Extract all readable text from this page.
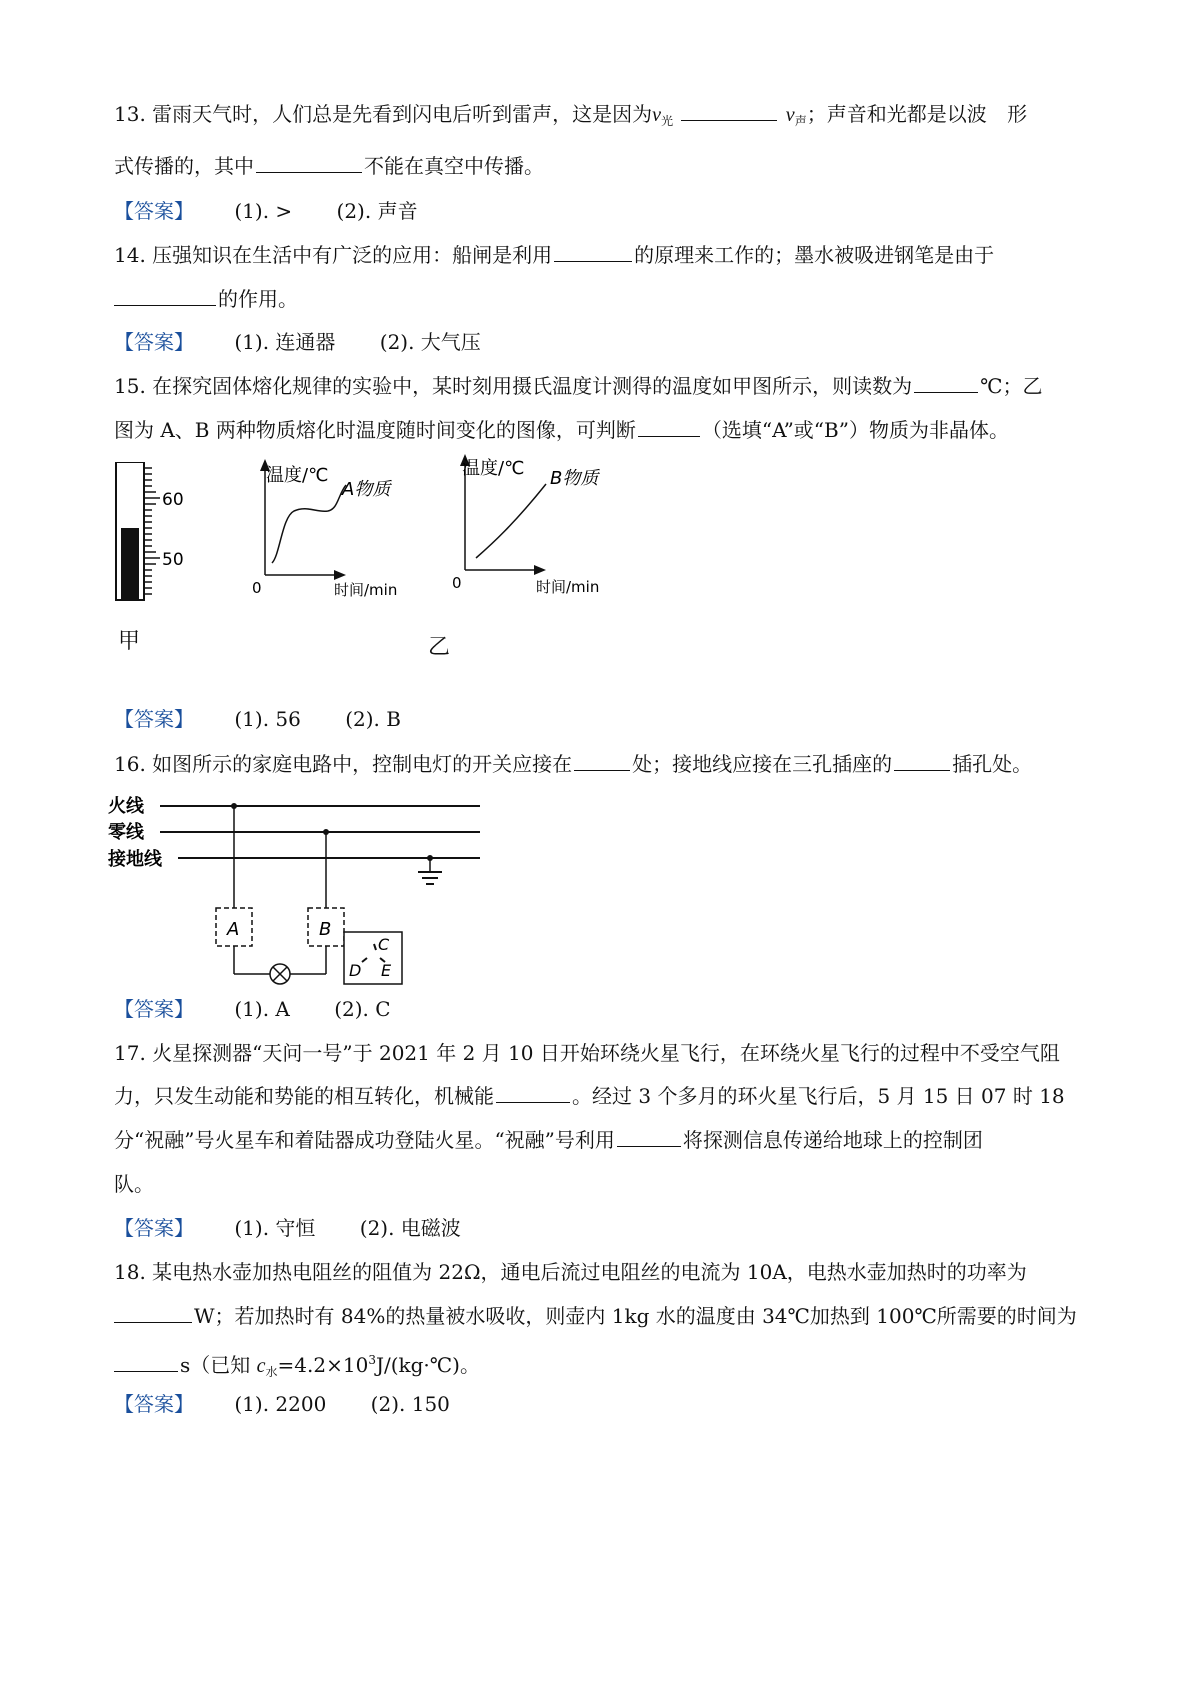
13. 雷雨天气时，人们总是先看到闪电后听到雷声，这是因为$v_光$	$v_声$；声音和光都是以波 形
式传播的，其中	不能在真空中传播。
【答案】 (1). > (2). 声音
14. 压强知识在生活中有广泛的应用：船闸是利用	的原理来工作的；墨水被吸进钢笔是由于
的作用。
【答案】 (1). 连通器 (2). 大气压
15. 在探究固体熔化规律的实验中，某时刻用摄氏温度计测得的温度如甲图所示，则读数为	℃；乙
图为 A、B 两种物质熔化时温度随时间变化的图像，可判断	（选填“A”或“B”）物质为非晶体。
60
50
甲
温度/℃
A物质
0	时间/min
温度/℃ B物质
0	时间/min
乙
【答案】 (1). 56 (2). B
16. 如图所示的家庭电路中，控制电灯的开关应接在	处；接地线应接在三孔插座的	插孔处。
火线
零线
接地线
A	B
C
D E
【答案】 (1). A (2). C
17. 火星探测器“天问一号”于 2021 年 2 月 10 日开始环绕火星飞行，在环绕火星飞行的过程中不受空气阻
力，只发生动能和势能的相互转化，机械能	。经过 3 个多月的环火星飞行后，5 月 15 日 07 时 18
分“祝融”号火星车和着陆器成功登陆火星。“祝融”号利用	将探测信息传递给地球上的控制团
队。
【答案】 (1). 守恒 (2). 电磁波
18. 某电热水壶加热电阻丝的阻值为 22Ω，通电后流过电阻丝的电流为 10A，电热水壶加热时的功率为
W；若加热时有 84%的热量被水吸收，则壶内 1kg 水的温度由 34℃加热到 100℃所需要的时间为
s（已知 $c_水=4.2\times 10^3J/(kg\cdot℃)$。
【答案】 (1). 2200 (2). 150
